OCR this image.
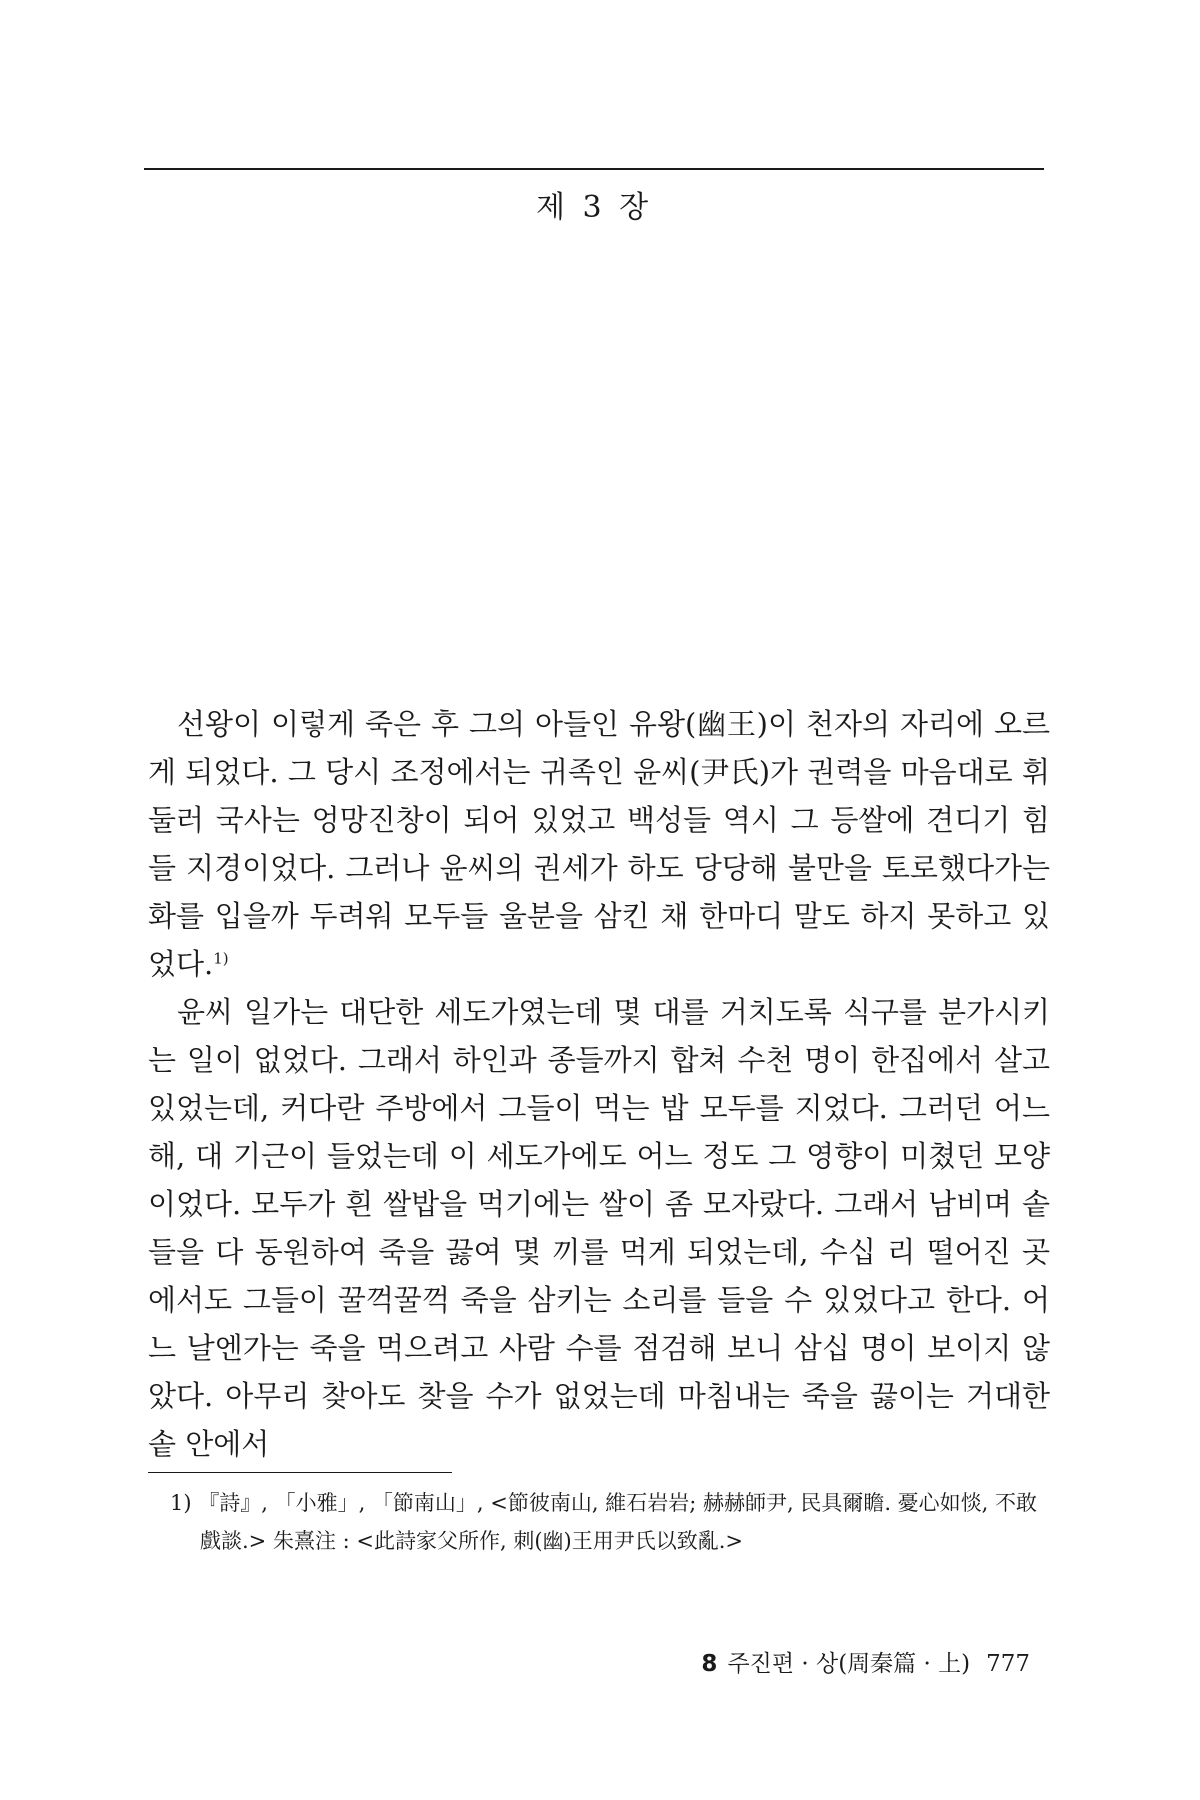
제 3 장

선왕이 이렇게 죽은 후 그의 아들인 유왕(幽王)이 천자의 자리에 오르게 되었다. 그 당시 조정에서는 귀족인 윤씨(尹氏)가 권력을 마음대로 휘둘러 국사는 엉망진창이 되어 있었고 백성들 역시 그 등쌀에 견디기 힘들 지경이었다. 그러나 윤씨의 권세가 하도 당당해 불만을 토로했다가는 화를 입을까 두려워 모두들 울분을 삼킨 채 한마디 말도 하지 못하고 있었다.$^{1)}$

윤씨 일가는 대단한 세도가였는데 몇 대를 거치도록 식구를 분가시키는 일이 없었다. 그래서 하인과 종들까지 합쳐 수천 명이 한집에서 살고 있었는데, 커다란 주방에서 그들이 먹는 밥 모두를 지었다. 그러던 어느 해, 대 기근이 들었는데 이 세도가에도 어느 정도 그 영향이 미쳤던 모양이었다. 모두가 흰 쌀밥을 먹기에는 쌀이 좀 모자랐다. 그래서 남비며 솥들을 다 동원하여 죽을 끓여 몇 끼를 먹게 되었는데, 수십 리 떨어진 곳에서도 그들이 꿀꺽꿀꺽 죽을 삼키는 소리를 들을 수 있었다고 한다. 어느 날엔가는 죽을 먹으려고 사람 수를 점검해 보니 삼십 명이 보이지 않았다. 아무리 찾아도 찾을 수가 없었는데 마침내는 죽을 끓이는 거대한 솥 안에서

1) 『詩』, 「小雅」, 「節南山」, <節彼南山, 維石岩岩; 赫赫師尹, 民具爾瞻. 憂心如惔, 不敢戲談.> 朱熹注 : <此詩家父所作, 刺(幽)王用尹氏以致亂.>

8 주진편 · 상(周秦篇 · 上) 777
